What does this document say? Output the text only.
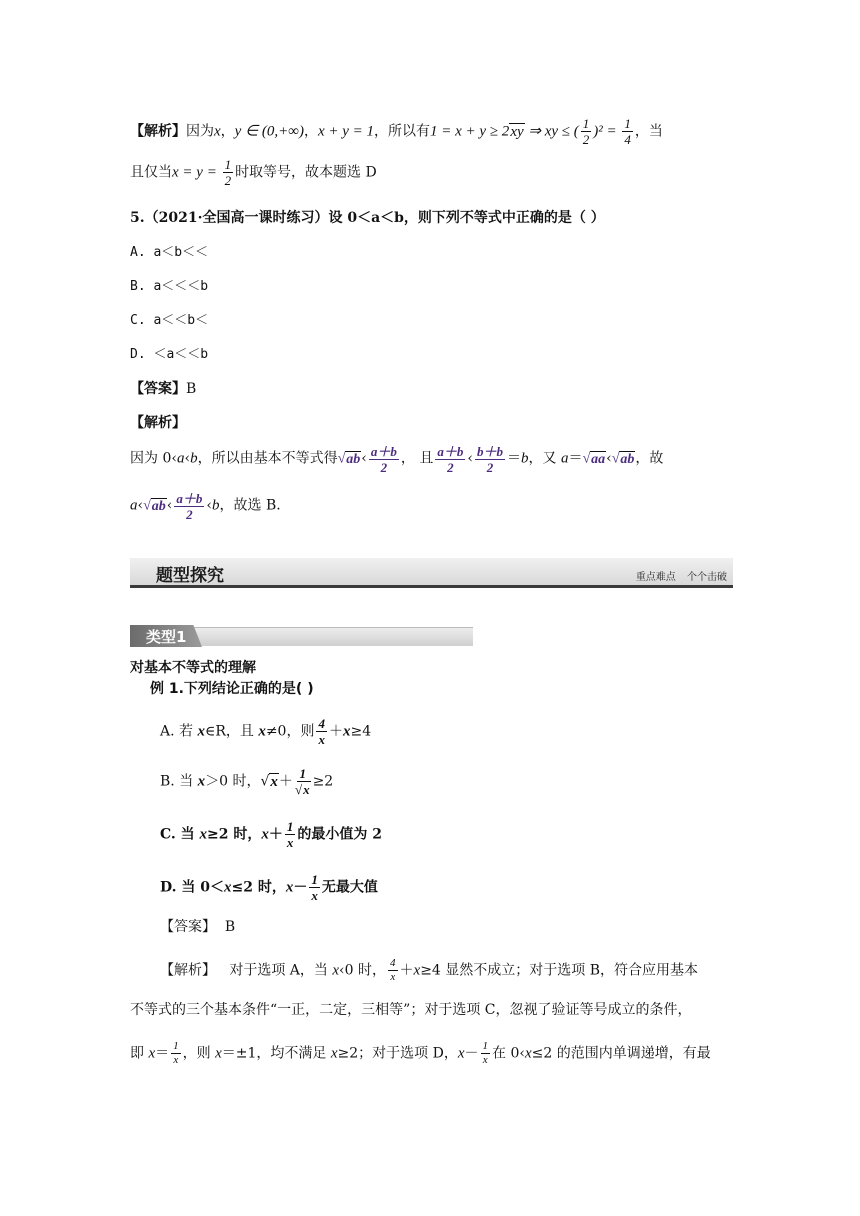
【解析】因为x，y ∈ (0,+∞)，x + y = 1，所以有1 = x + y ≥ 2xy ⇒ xy ≤ ( $\frac{1}{2} )^2 = \frac{1}{4}$ ，当
且仅当$x = y = \frac{1}{2}$ 时取等号，故本题选 D
5.（2021·全国高一课时练习）设 0＜a＜b，则下列不等式中正确的是（ ）
A. a＜b＜＜
B. a＜＜＜b
C. a＜＜b＜
D. ＜a＜＜b
【答案】B
【解析】
因为 0‹a‹b，所以由基本不等式得√ab‹ $\frac{a+b}{2}$ ， 且 $\frac{a+b}{2}$ ‹ $\frac{b+b}{2} =b$，又 a＝√aa‹√ab，故
a‹√ab‹ $\frac{a+b}{2}$ ‹b，故选 B.
题型探究	重点难点 个个击破
类型1
对基本不等式的理解
例 1.下列结论正确的是( )
A. 若 x∈R，且 x≠0，则 $\frac{4}{x} +x\ge 4$
B. 当 x＞0 时，$√x+ \frac{1}{√x} \ge 2$
C. 当 x≥2 时，$x+ \frac{1}{x}$ 的最小值为 2
D. 当 0＜x≤2 时，$x- \frac{1}{x}$ 无最大值
【答案】 B
【解析】 对于选项 A，当 x‹0 时， $\frac{4}{x} +x\ge 4$ 显然不成立；对于选项 B，符合应用基本
不等式的三个基本条件“一正，二定，三相等”；对于选项 C，忽视了验证等号成立的条件，
即 $x= \frac{1}{x}$ ，则 x＝±1，均不满足 x≥2；对于选项 D，$x- \frac{1}{x}$ 在 0‹x≤2 的范围内单调递增，有最
